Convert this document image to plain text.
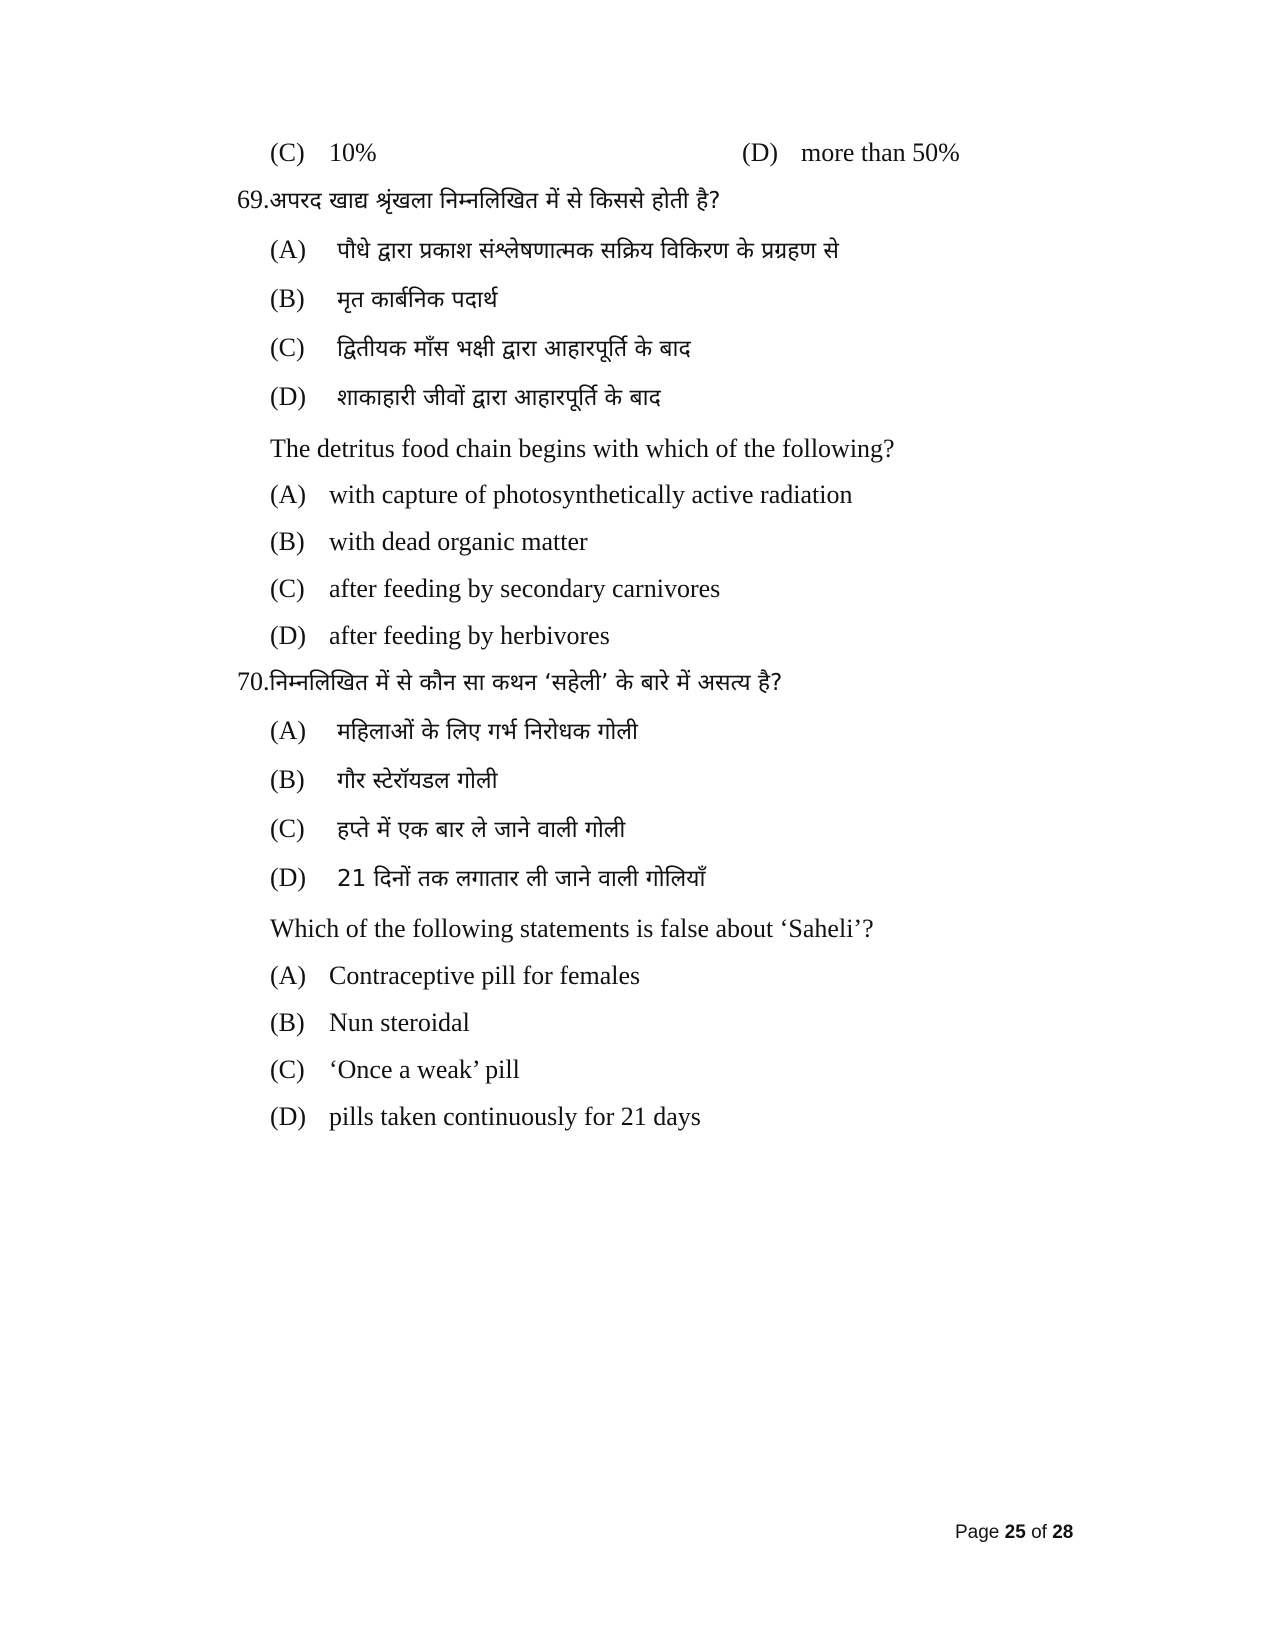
(C) 10%	(D) more than 50%
69.अपरद खाद्य श्रृंखला निम्नलिखित में से किससे होती है?
(A) पौधे द्वारा प्रकाश संश्लेषणात्मक सक्रिय विकिरण के प्रग्रहण से
(B) मृत कार्बनिक पदार्थ
(C) द्वितीयक माँस भक्षी द्वारा आहारपूर्ति के बाद
(D) शाकाहारी जीवों द्वारा आहारपूर्ति के बाद
The detritus food chain begins with which of the following?
(A) with capture of photosynthetically active radiation
(B) with dead organic matter
(C) after feeding by secondary carnivores
(D) after feeding by herbivores
70.निम्नलिखित में से कौन सा कथन ‘सहेली’ के बारे में असत्य है?
(A) महिलाओं के लिए गर्भ निरोधक गोली
(B) गौर स्टेरॉयडल गोली
(C) हप्ते में एक बार ले जाने वाली गोली
(D) 21 दिनों तक लगातार ली जाने वाली गोलियाँ
Which of the following statements is false about ‘Saheli’?
(A) Contraceptive pill for females
(B) Nun steroidal
(C) ‘Once a weak’ pill
(D) pills taken continuously for 21 days
Page 25 of 28
